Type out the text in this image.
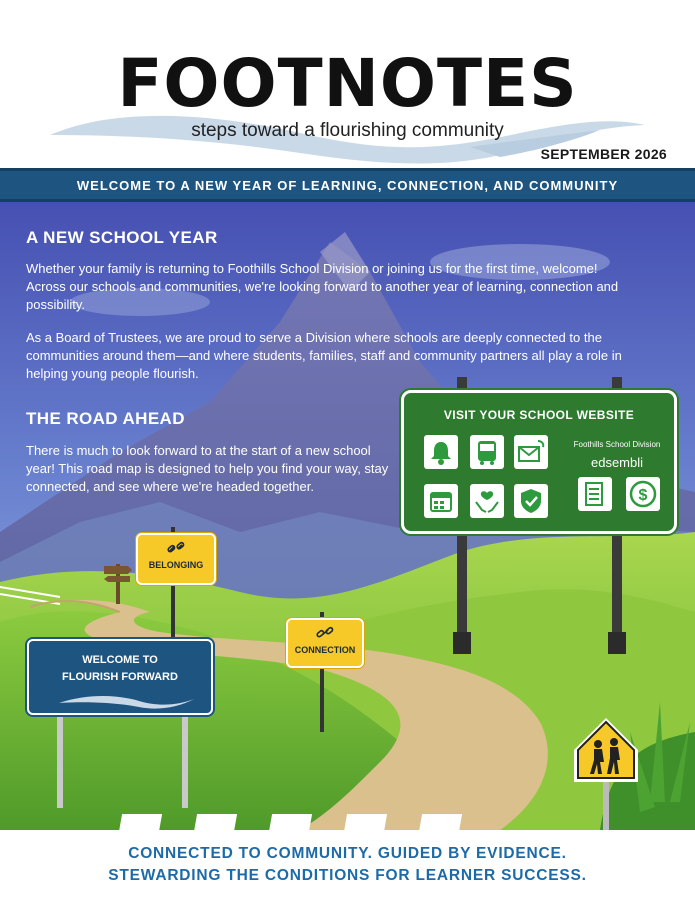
FOOTNOTES
steps toward a flourishing community
SEPTEMBER 2026
WELCOME TO A NEW YEAR OF LEARNING, CONNECTION, AND COMMUNITY
A NEW SCHOOL YEAR
Whether your family is returning to Foothills School Division or joining us for the first time, welcome! Across our schools and communities, we're looking forward to another year of learning, connection and possibility.
As a Board of Trustees, we are proud to serve a Division where schools are deeply connected to the communities around them—and where students, families, staff and community partners all play a role in helping young people flourish.
THE ROAD AHEAD
There is much to look forward to at the start of a new school year! This road map is designed to help you find your way, stay connected, and see where we're headed together.
VISIT YOUR SCHOOL WEBSITE
Foothills School Division
edsembli
$
BELONGING
CONNECTION
WELCOME TO
FLOURISH FORWARD
CONNECTED TO COMMUNITY. GUIDED BY EVIDENCE.
STEWARDING THE CONDITIONS FOR LEARNER SUCCESS.
